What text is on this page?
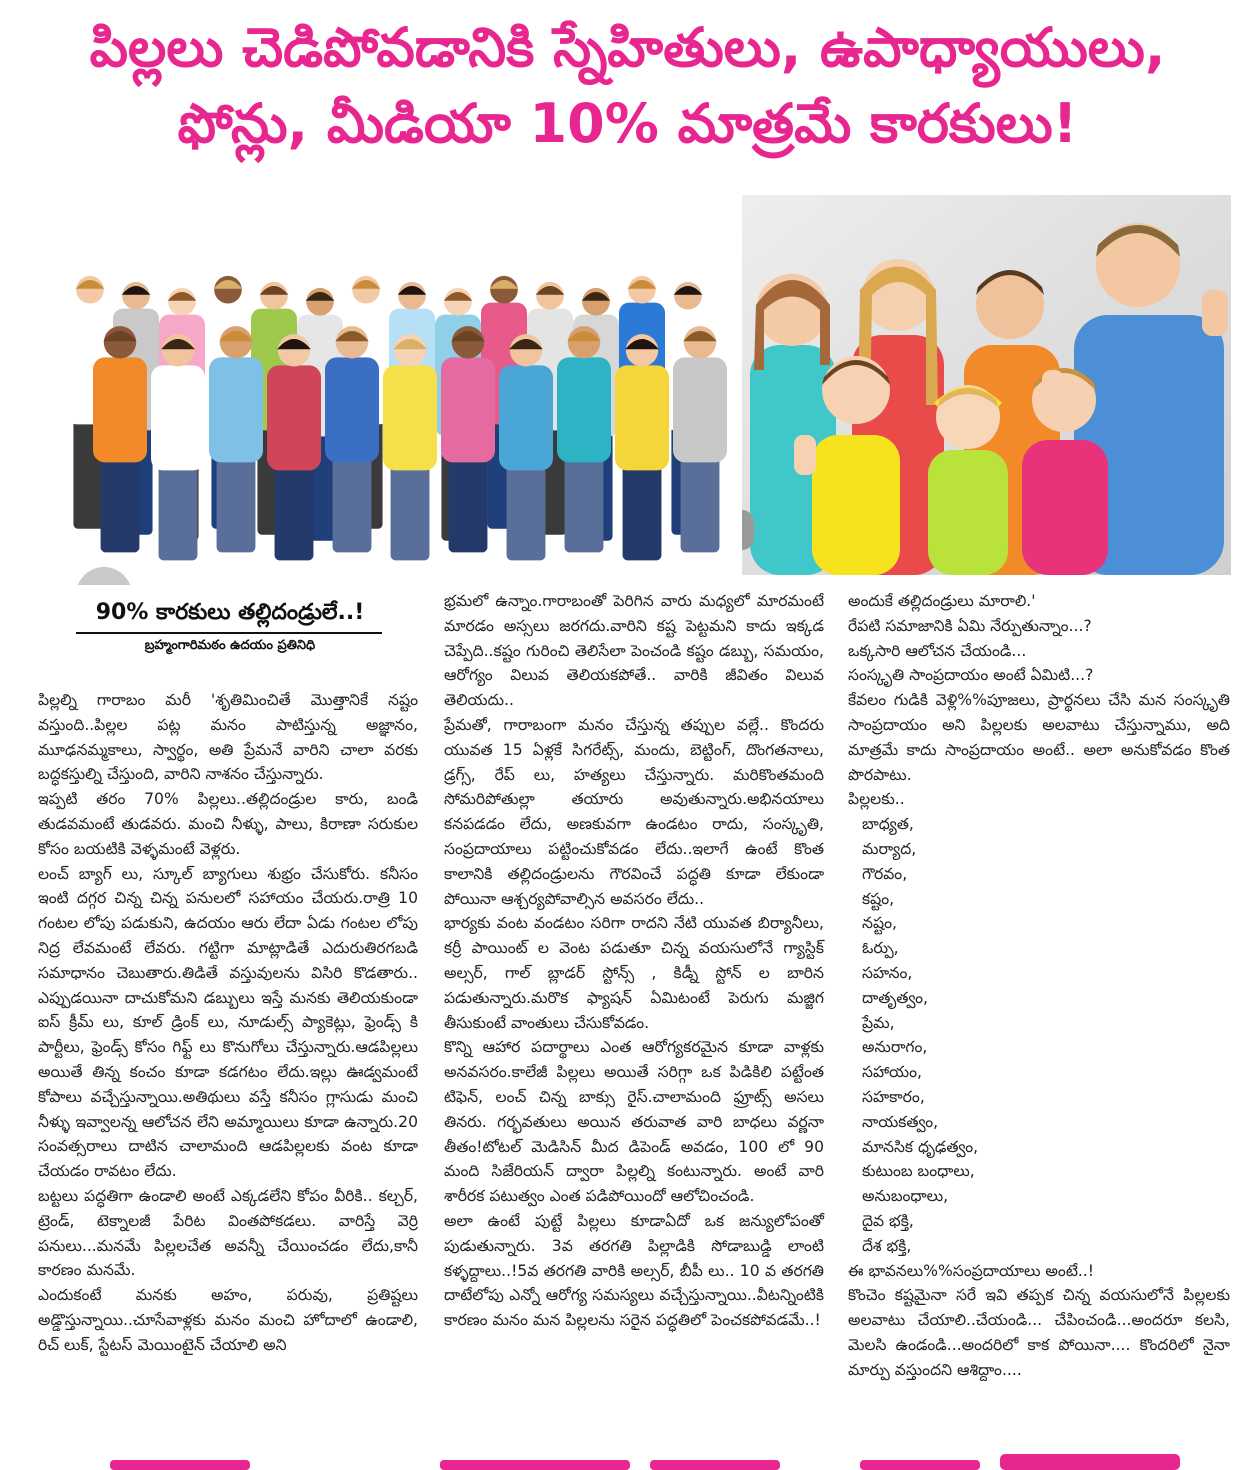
పిల్లలు చెడిపోవడానికి స్నేహితులు, ఉపాధ్యాయులు,
ఫోన్లు, మీడియా 10% మాత్రమే కారకులు!
90% కారకులు తల్లిదండ్రులే..!
బ్రహ్మంగారిమఠం ఉదయం ప్రతినిధి

పిల్లల్ని గారాబం మరీ 'శృతిమించితే మొత్తానికే నష్టం వస్తుంది..పిల్లల పట్ల మనం పాటిస్తున్న అజ్ఞానం, మూఢనమ్మకాలు, స్వార్థం, అతి ప్రేమనే వారిని చాలా వరకు బద్ధకస్తుల్ని చేస్తుంది, వారిని నాశనం చేస్తున్నారు.

ఇప్పటి తరం 70% పిల్లలు..తల్లిదండ్రుల కారు, బండి తుడవమంటే తుడవరు. మంచి నీళ్ళు, పాలు, కిరాణా సరుకుల కోసం బయటికి వెళ్ళమంటే వెళ్లరు.

లంచ్ బ్యాగ్ లు, స్కూల్ బ్యాగులు శుభ్రం చేసుకోరు. కనీసం ఇంటి దగ్గర చిన్న చిన్న పనులలో సహాయం చేయరు.రాత్రి 10 గంటల లోపు పడుకుని, ఉదయం ఆరు లేదా ఏడు గంటల లోపు నిద్ర లేవమంటే లేవరు. గట్టిగా మాట్లాడితే ఎదురుతిరగబడి సమాధానం చెబుతారు.తిడితే వస్తువులను విసిరి కొడతారు.. ఎప్పుడయినా దాచుకోమని డబ్బులు ఇస్తే మనకు తెలియకుండా ఐస్ క్రీమ్ లు, కూల్ డ్రింక్ లు, నూడుల్స్ ప్యాకెట్లు, ఫ్రెండ్స్ కి పార్టీలు, ఫ్రెండ్స్ కోసం గిఫ్ట్ లు కొనుగోలు చేస్తున్నారు.ఆడపిల్లలు అయితే తిన్న కంచం కూడా కడగటం లేదు.ఇల్లు ఊడ్వమంటే కోపాలు వచ్చేస్తున్నాయి.అతిథులు వస్తే కనీసం గ్లాసుడు మంచి నీళ్ళు ఇవ్వాలన్న ఆలోచన లేని అమ్మాయిలు కూడా ఉన్నారు.20 సంవత్సరాలు దాటిన చాలామంది ఆడపిల్లలకు వంట కూడా చేయడం రావటం లేదు.

బట్టలు పద్ధతిగా ఉండాలి అంటే ఎక్కడలేని కోపం వీరికి.. కల్చర్, ట్రెండ్, టెక్నాలజీ పేరిట వింతపోకడలు. వారిస్తే వెర్రి పనులు...మనమే పిల్లలచేత అవన్నీ చేయించడం లేదు,కానీ కారణం మనమే.

ఎందుకంటే మనకు అహం, పరువు, ప్రతిష్టలు అడ్డొస్తున్నాయి..చూసేవాళ్లకు మనం మంచి హోదాలో ఉండాలి, రిచ్ లుక్, స్టేటస్ మెయింటైన్ చేయాలి అని

భ్రమలో ఉన్నాం.గారాబంతో పెరిగిన వారు మధ్యలో మారమంటే మారడం అస్సలు జరగదు.వారిని కష్ట పెట్టమని కాదు ఇక్కడ చెప్పేది..కష్టం గురించి తెలిసేలా పెంచండి కష్టం డబ్బు, సమయం, ఆరోగ్యం విలువ తెలియకపోతే.. వారికి జీవితం విలువ తెలియదు..

ప్రేమతో, గారాబంగా మనం చేస్తున్న తప్పుల వల్లే.. కొందరు యువత 15 ఏళ్లకే సిగరేట్స్, మందు, బెట్టింగ్, దొంగతనాలు, డ్రగ్స్, రేప్ లు, హత్యలు చేస్తున్నారు. మరికొంతమంది సోమరిపోతుల్లా తయారు అవుతున్నారు.అభినయాలు కనపడడం లేదు, అణకువగా ఉండటం రాదు, సంస్కృతి, సంప్రదాయాలు పట్టించుకోవడం లేదు..ఇలాగే ఉంటే కొంత కాలానికి తల్లిదండ్రులను గౌరవించే పద్ధతి కూడా లేకుండా పోయినా ఆశ్చర్యపోవాల్సిన అవసరం లేదు..

భార్యకు వంట వండటం సరిగా రాదని నేటి యువత బిర్యానీలు, కర్రీ పాయింట్ ల వెంట పడుతూ చిన్న వయసులోనే గ్యాస్టిక్ అల్సర్, గాల్ బ్లాడర్ స్టోన్స్ , కిడ్నీ స్టోన్ ల బారిన పడుతున్నారు.మరొక ఫ్యాషన్ ఏమిటంటే పెరుగు మజ్జిగ తీసుకుంటే వాంతులు చేసుకోవడం.

కొన్ని ఆహార పదార్థాలు ఎంత ఆరోగ్యకరమైన కూడా వాళ్లకు అనవసరం.కాలేజీ పిల్లలు అయితే సరిగ్గా ఒక పిడికిలి పట్టేంత టిఫెన్, లంచ్ చిన్న బాక్సు రైస్.చాలామంది ఫ్రూట్స్ అసలు తినరు. గర్భవతులు అయిన తరువాత వారి బాధలు వర్ణనా తీతం!టోటల్ మెడిసిన్ మీద డిపెండ్ అవడం, 100 లో 90 మంది సిజేరియన్ ద్వారా పిల్లల్ని కంటున్నారు. అంటే వారి శారీరక పటుత్వం ఎంత పడిపోయిందో ఆలోచించండి.

అలా ఉంటే పుట్టే పిల్లలు కూడాఏదో ఒక జన్యులోపంతో పుడుతున్నారు. 3వ తరగతి పిల్లాడికి సోడాబుడ్డి లాంటి కళ్ళద్దాలు..!5వ తరగతి వారికి అల్సర్, బీపీ లు.. 10 వ తరగతి దాటేలోపు ఎన్నో ఆరోగ్య సమస్యలు వచ్చేస్తున్నాయి..వీటన్నింటికి కారణం మనం మన పిల్లలను సరైన పద్ధతిలో పెంచకపోవడమే..!

అందుకే తల్లిదండ్రులు మారాలి.'

రేపటి సమాజానికి ఏమి నేర్పుతున్నాం...?

ఒక్కసారి ఆలోచన చేయండి...

సంస్కృతి సాంప్రదాయం అంటే ఏమిటి...?

కేవలం గుడికి వెళ్లి%%పూజలు, ప్రార్థనలు చేసి మన సంస్కృతి సాంప్రదాయం అని పిల్లలకు అలవాటు చేస్తున్నాము, అది మాత్రమే కాదు సాంప్రదాయం అంటే.. అలా అనుకోవడం కొంత పొరపాటు.

పిల్లలకు..

బాధ్యత,
మర్యాద,
గౌరవం,
కష్టం,
నష్టం,
ఓర్పు,
సహనం,
దాతృత్వం,
ప్రేమ,
అనురాగం,
సహాయం,
సహకారం,
నాయకత్వం,
మానసిక ధృఢత్వం,
కుటుంబ బంధాలు,
అనుబంధాలు,
దైవ భక్తి,
దేశ భక్తి,

ఈ భావనలు%%సంప్రదాయాలు అంటే..!

కొంచెం కష్టమైనా సరే ఇవి తప్పక చిన్న వయసులోనే పిల్లలకు అలవాటు చేయాలి..చేయండి... చేపించండి...అందరూ కలసి, మెలసి ఉండండి...అందరిలో కాక పోయినా.... కొందరిలో నైనా మార్పు వస్తుందని ఆశిద్దాం....
